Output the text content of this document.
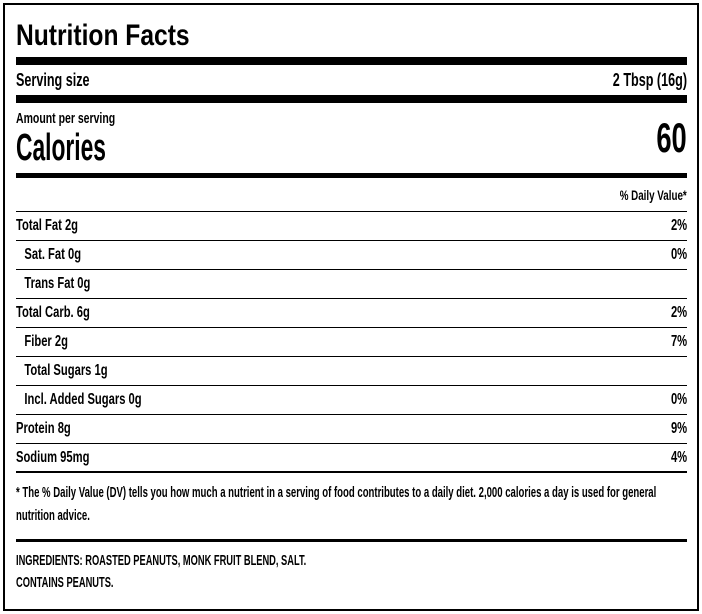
Nutrition Facts
Serving size	2 Tbsp (16g)
Amount per serving
Calories	60
% Daily Value*
Total Fat 2g	2%
Sat. Fat 0g	0%
Trans Fat 0g
Total Carb. 6g	2%
Fiber 2g	7%
Total Sugars 1g
Incl. Added Sugars 0g	0%
Protein 8g	9%
Sodium 95mg	4%
* The % Daily Value (DV) tells you how much a nutrient in a serving of food contributes to a daily diet. 2,000 calories a day is used for general nutrition advice.
INGREDIENTS: ROASTED PEANUTS, MONK FRUIT BLEND, SALT.
CONTAINS PEANUTS.
